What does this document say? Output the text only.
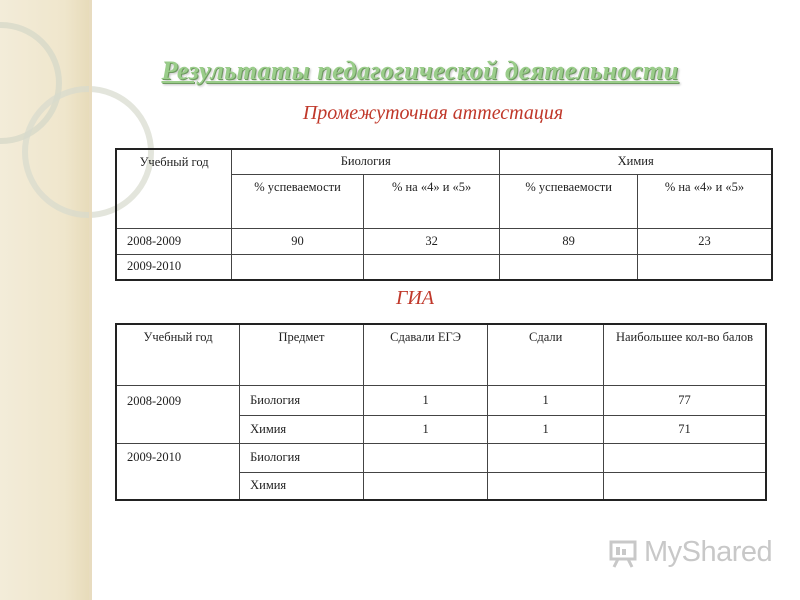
Результаты педагогической деятельности
Промежуточная аттестация
Учебный год	Биология		Химия	
	% успеваемости	% на «4» и «5»	% успеваемости	% на «4» и «5»
2008-2009	90	32	89	23
2009-2010				
ГИА
Учебный год	Предмет	Сдавали ЕГЭ	Сдали	Наибольшее кол-во балов
2008-2009	Биология	1	1	77
	Химия	1	1	71
2009-2010	Биология			
	Химия			
MyShared
